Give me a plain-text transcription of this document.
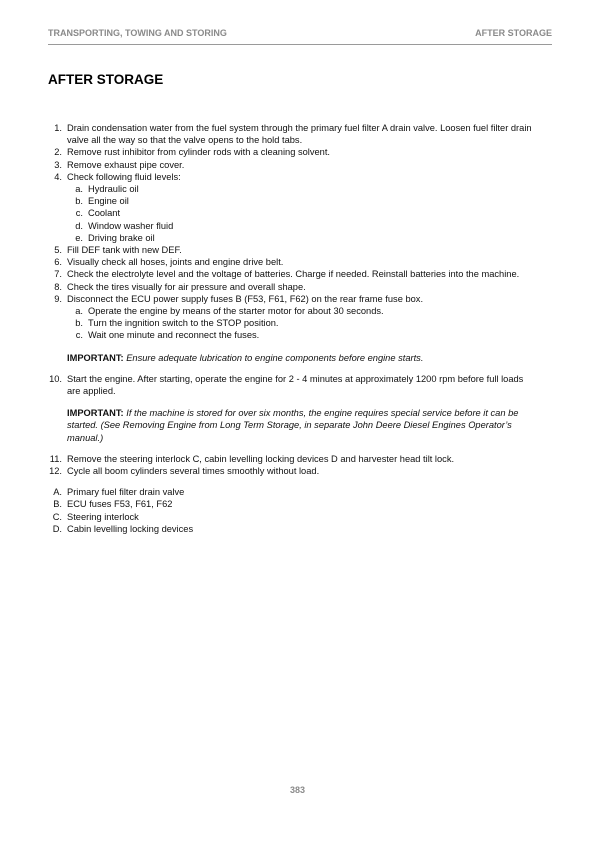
TRANSPORTING, TOWING AND STORING	AFTER STORAGE
AFTER STORAGE
1. Drain condensation water from the fuel system through the primary fuel filter A drain valve. Loosen fuel filter drain valve all the way so that the valve opens to the hold tabs.
2. Remove rust inhibitor from cylinder rods with a cleaning solvent.
3. Remove exhaust pipe cover.
4. Check following fluid levels:
a. Hydraulic oil
b. Engine oil
c. Coolant
d. Window washer fluid
e. Driving brake oil
5. Fill DEF tank with new DEF.
6. Visually check all hoses, joints and engine drive belt.
7. Check the electrolyte level and the voltage of batteries. Charge if needed. Reinstall batteries into the machine.
8. Check the tires visually for air pressure and overall shape.
9. Disconnect the ECU power supply fuses B (F53, F61, F62) on the rear frame fuse box.
a. Operate the engine by means of the starter motor for about 30 seconds.
b. Turn the ingnition switch to the STOP position.
c. Wait one minute and reconnect the fuses.
IMPORTANT: Ensure adequate lubrication to engine components before engine starts.
10. Start the engine. After starting, operate the engine for 2 - 4 minutes at approximately 1200 rpm before full loads are applied.
IMPORTANT: If the machine is stored for over six months, the engine requires special service before it can be started. (See Removing Engine from Long Term Storage, in separate John Deere Diesel Engines Operator’s manual.)
11. Remove the steering interlock C, cabin levelling locking devices D and harvester head tilt lock.
12. Cycle all boom cylinders several times smoothly without load.
A. Primary fuel filter drain valve
B. ECU fuses F53, F61, F62
C. Steering interlock
D. Cabin levelling locking devices
383
